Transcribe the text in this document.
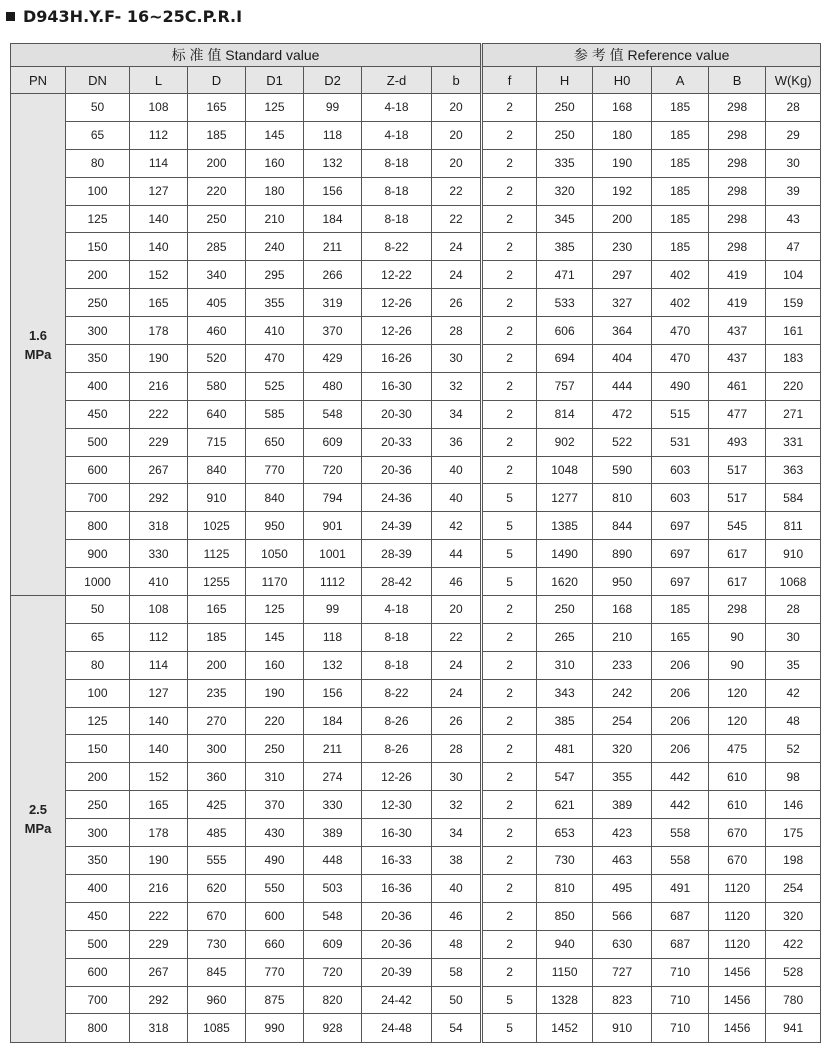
D943H.Y.F- 16~25C.P.R.I
标 准 值 Standard value								参 考 值 Reference value					
PN	DN	L	D	D1	D2	Z-d	b	f	H	H0	A	B	W(Kg)
1.6
MPa	50	108	165	125	99	4-18	20	2	250	168	185	298	28
	65	112	185	145	118	4-18	20	2	250	180	185	298	29
	80	114	200	160	132	8-18	20	2	335	190	185	298	30
	100	127	220	180	156	8-18	22	2	320	192	185	298	39
	125	140	250	210	184	8-18	22	2	345	200	185	298	43
	150	140	285	240	211	8-22	24	2	385	230	185	298	47
	200	152	340	295	266	12-22	24	2	471	297	402	419	104
	250	165	405	355	319	12-26	26	2	533	327	402	419	159
	300	178	460	410	370	12-26	28	2	606	364	470	437	161
	350	190	520	470	429	16-26	30	2	694	404	470	437	183
	400	216	580	525	480	16-30	32	2	757	444	490	461	220
	450	222	640	585	548	20-30	34	2	814	472	515	477	271
	500	229	715	650	609	20-33	36	2	902	522	531	493	331
	600	267	840	770	720	20-36	40	2	1048	590	603	517	363
	700	292	910	840	794	24-36	40	5	1277	810	603	517	584
	800	318	1025	950	901	24-39	42	5	1385	844	697	545	811
	900	330	1125	1050	1001	28-39	44	5	1490	890	697	617	910
	1000	410	1255	1170	1112	28-42	46	5	1620	950	697	617	1068
2.5
MPa	50	108	165	125	99	4-18	20	2	250	168	185	298	28
	65	112	185	145	118	8-18	22	2	265	210	165	90	30
	80	114	200	160	132	8-18	24	2	310	233	206	90	35
	100	127	235	190	156	8-22	24	2	343	242	206	120	42
	125	140	270	220	184	8-26	26	2	385	254	206	120	48
	150	140	300	250	211	8-26	28	2	481	320	206	475	52
	200	152	360	310	274	12-26	30	2	547	355	442	610	98
	250	165	425	370	330	12-30	32	2	621	389	442	610	146
	300	178	485	430	389	16-30	34	2	653	423	558	670	175
	350	190	555	490	448	16-33	38	2	730	463	558	670	198
	400	216	620	550	503	16-36	40	2	810	495	491	1120	254
	450	222	670	600	548	20-36	46	2	850	566	687	1120	320
	500	229	730	660	609	20-36	48	2	940	630	687	1120	422
	600	267	845	770	720	20-39	58	2	1150	727	710	1456	528
	700	292	960	875	820	24-42	50	5	1328	823	710	1456	780
	800	318	1085	990	928	24-48	54	5	1452	910	710	1456	941
